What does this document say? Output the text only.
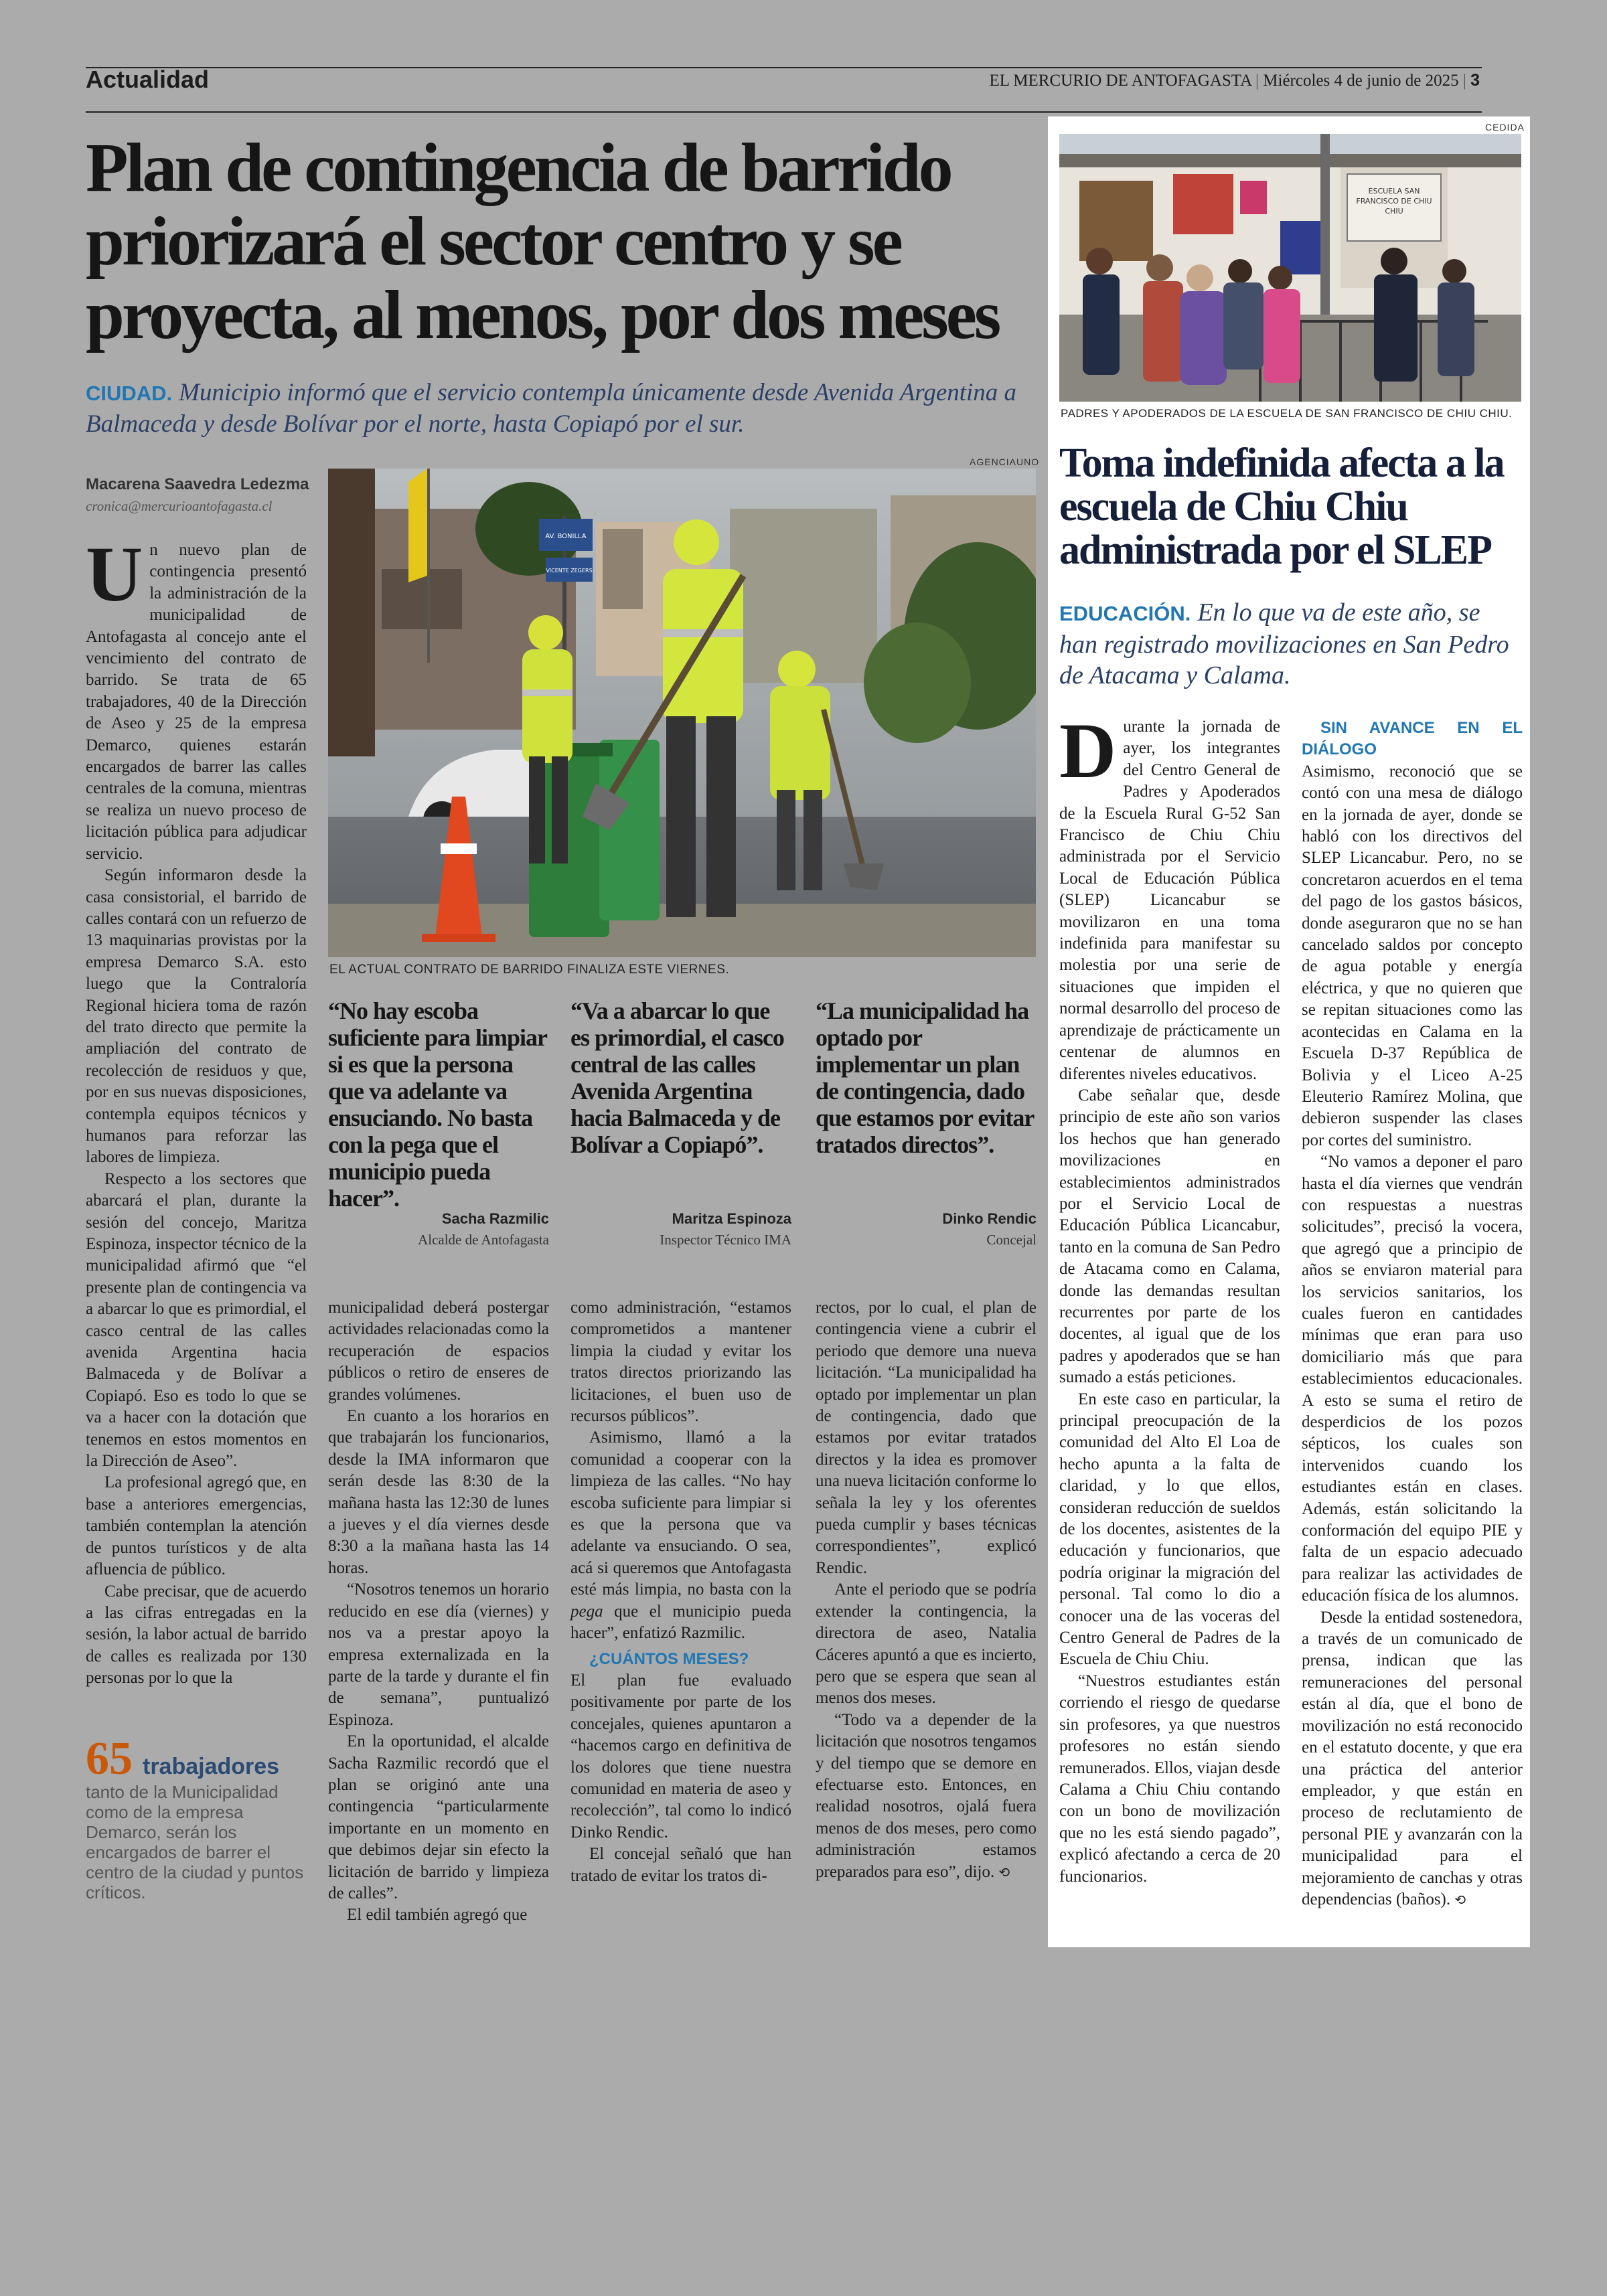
Actualidad	EL MERCURIO DE ANTOFAGASTA | Miércoles 4 de junio de 2025 | 3
Plan de contingencia de barrido priorizará el sector centro y se proyecta, al menos, por dos meses
CIUDAD. Municipio informó que el servicio contempla únicamente desde Avenida Argentina a Balmaceda y desde Bolívar por el norte, hasta Copiapó por el sur.
Macarena Saavedra Ledezma
cronica@mercurioantofagasta.cl
AGENCIAUNO
AV. BONILLA
VICENTE ZEGERS
EL ACTUAL CONTRATO DE BARRIDO FINALIZA ESTE VIERNES.

Un nuevo plan de contingencia presentó la administración de la municipalidad de Antofagasta al concejo ante el vencimiento del contrato de barrido. Se trata de 65 trabajadores, 40 de la Dirección de Aseo y 25 de la empresa Demarco, quienes estarán encargados de barrer las calles centrales de la comuna, mientras se realiza un nuevo proceso de licitación pública para adjudicar servicio.

Según informaron desde la casa consistorial, el barrido de calles contará con un refuerzo de 13 maquinarias provistas por la empresa Demarco S.A. esto luego que la Contraloría Regional hiciera toma de razón del trato directo que permite la ampliación del contrato de recolección de residuos y que, por en sus nuevas disposiciones, contempla equipos técnicos y humanos para reforzar las labores de limpieza.

Respecto a los sectores que abarcará el plan, durante la sesión del concejo, Maritza Espinoza, inspector técnico de la municipalidad afirmó que “el presente plan de contingencia va a abarcar lo que es primordial, el casco central de las calles avenida Argentina hacia Balmaceda y de Bolívar a Copiapó. Eso es todo lo que se va a hacer con la dotación que tenemos en estos momentos en la Dirección de Aseo”.

La profesional agregó que, en base a anteriores emergencias, también contemplan la atención de puntos turísticos y de alta afluencia de público.

Cabe precisar, que de acuerdo a las cifras entregadas en la sesión, la labor actual de barrido de calles es realizada por 130 personas por lo que la

65 trabajadores
tanto de la Municipalidad como de la empresa Demarco, serán los encargados de barrer el centro de la ciudad y puntos críticos.
“No hay escoba suficiente para limpiar si es que la persona que va adelante va ensuciando. No basta con la pega que el municipio pueda hacer”.
Sacha Razmilic
Alcalde de Antofagasta
“Va a abarcar lo que es primordial, el casco central de las calles Avenida Argentina hacia Balmaceda y de Bolívar a Copiapó”.
Maritza Espinoza
Inspector Técnico IMA
“La municipalidad ha optado por implementar un plan de contingencia, dado que estamos por evitar tratados directos”.
Dinko Rendic
Concejal

municipalidad deberá postergar actividades relacionadas como la recuperación de espacios públicos o retiro de enseres de grandes volúmenes.

En cuanto a los horarios en que trabajarán los funcionarios, desde la IMA informaron que serán desde las 8:30 de la mañana hasta las 12:30 de lunes a jueves y el día viernes desde 8:30 a la mañana hasta las 14 horas.

“Nosotros tenemos un horario reducido en ese día (viernes) y nos va a prestar apoyo la empresa externalizada en la parte de la tarde y durante el fin de semana”, puntualizó Espinoza.

En la oportunidad, el alcalde Sacha Razmilic recordó que el plan se originó ante una contingencia “particularmente importante en un momento en que debimos dejar sin efecto la licitación de barrido y limpieza de calles”.

El edil también agregó que

como administración, “estamos comprometidos a mantener limpia la ciudad y evitar los tratos directos priorizando las licitaciones, el buen uso de recursos públicos”.

Asimismo, llamó a la comunidad a cooperar con la limpieza de las calles. “No hay escoba suficiente para limpiar si es que la persona que va adelante va ensuciando. O sea, acá si queremos que Antofagasta esté más limpia, no basta con la pega que el municipio pueda hacer”, enfatizó Razmilic.

¿CUÁNTOS MESES?

El plan fue evaluado positivamente por parte de los concejales, quienes apuntaron a “hacemos cargo en definitiva de los dolores que tiene nuestra comunidad en materia de aseo y recolección”, tal como lo indicó Dinko Rendic.

El concejal señaló que han tratado de evitar los tratos di-

rectos, por lo cual, el plan de contingencia viene a cubrir el periodo que demore una nueva licitación. “La municipalidad ha optado por implementar un plan de contingencia, dado que estamos por evitar tratados directos y la idea es promover una nueva licitación conforme lo señala la ley y los oferentes pueda cumplir y bases técnicas correspondientes”, explicó Rendic.

Ante el periodo que se podría extender la contingencia, la directora de aseo, Natalia Cáceres apuntó a que es incierto, pero que se espera que sean al menos dos meses.

“Todo va a depender de la licitación que nosotros tengamos y del tiempo que se demore en efectuarse esto. Entonces, en realidad nosotros, ojalá fuera menos de dos meses, pero como administración estamos preparados para eso”, dijo. ⟲

CEDIDA
ESCUELA SAN FRANCISCO DE CHIU CHIU
PADRES Y APODERADOS DE LA ESCUELA DE SAN FRANCISCO DE CHIU CHIU.
Toma indefinida afecta a la escuela de Chiu Chiu administrada por el SLEP
EDUCACIÓN. En lo que va de este año, se han registrado movilizaciones en San Pedro de Atacama y Calama.

Durante la jornada de ayer, los integrantes del Centro General de Padres y Apoderados de la Escuela Rural G-52 San Francisco de Chiu Chiu administrada por el Servicio Local de Educación Pública (SLEP) Licancabur se movilizaron en una toma indefinida para manifestar su molestia por una serie de situaciones que impiden el normal desarrollo del proceso de aprendizaje de prácticamente un centenar de alumnos en diferentes niveles educativos.

Cabe señalar que, desde principio de este año son varios los hechos que han generado movilizaciones en establecimientos administrados por el Servicio Local de Educación Pública Licancabur, tanto en la comuna de San Pedro de Atacama como en Calama, donde las demandas resultan recurrentes por parte de los docentes, al igual que de los padres y apoderados que se han sumado a estás peticiones.

En este caso en particular, la principal preocupación de la comunidad del Alto El Loa de hecho apunta a la falta de claridad, y lo que ellos, consideran reducción de sueldos de los docentes, asistentes de la educación y funcionarios, que podría originar la migración del personal. Tal como lo dio a conocer una de las voceras del Centro General de Padres de la Escuela de Chiu Chiu.

“Nuestros estudiantes están corriendo el riesgo de quedarse sin profesores, ya que nuestros profesores no están siendo remunerados. Ellos, viajan desde Calama a Chiu Chiu contando con un bono de movilización que no les está siendo pagado”, explicó afectando a cerca de 20 funcionarios.

SIN AVANCE EN EL DIÁLOGO

Asimismo, reconoció que se contó con una mesa de diálogo en la jornada de ayer, donde se habló con los directivos del SLEP Licancabur. Pero, no se concretaron acuerdos en el tema del pago de los gastos básicos, donde aseguraron que no se han cancelado saldos por concepto de agua potable y energía eléctrica, y que no quieren que se repitan situaciones como las acontecidas en Calama en la Escuela D-37 República de Bolivia y el Liceo A-25 Eleuterio Ramírez Molina, que debieron suspender las clases por cortes del suministro.

“No vamos a deponer el paro hasta el día viernes que vendrán con respuestas a nuestras solicitudes”, precisó la vocera, que agregó que a principio de años se enviaron material para los servicios sanitarios, los cuales fueron en cantidades mínimas que eran para uso domiciliario más que para establecimientos educacionales. A esto se suma el retiro de desperdicios de los pozos sépticos, los cuales son intervenidos cuando los estudiantes están en clases. Además, están solicitando la conformación del equipo PIE y falta de un espacio adecuado para realizar las actividades de educación física de los alumnos.

Desde la entidad sostenedora, a través de un comunicado de prensa, indican que las remuneraciones del personal están al día, que el bono de movilización no está reconocido en el estatuto docente, y que era una práctica del anterior empleador, y que están en proceso de reclutamiento de personal PIE y avanzarán con la municipalidad para el mejoramiento de canchas y otras dependencias (baños). ⟲
